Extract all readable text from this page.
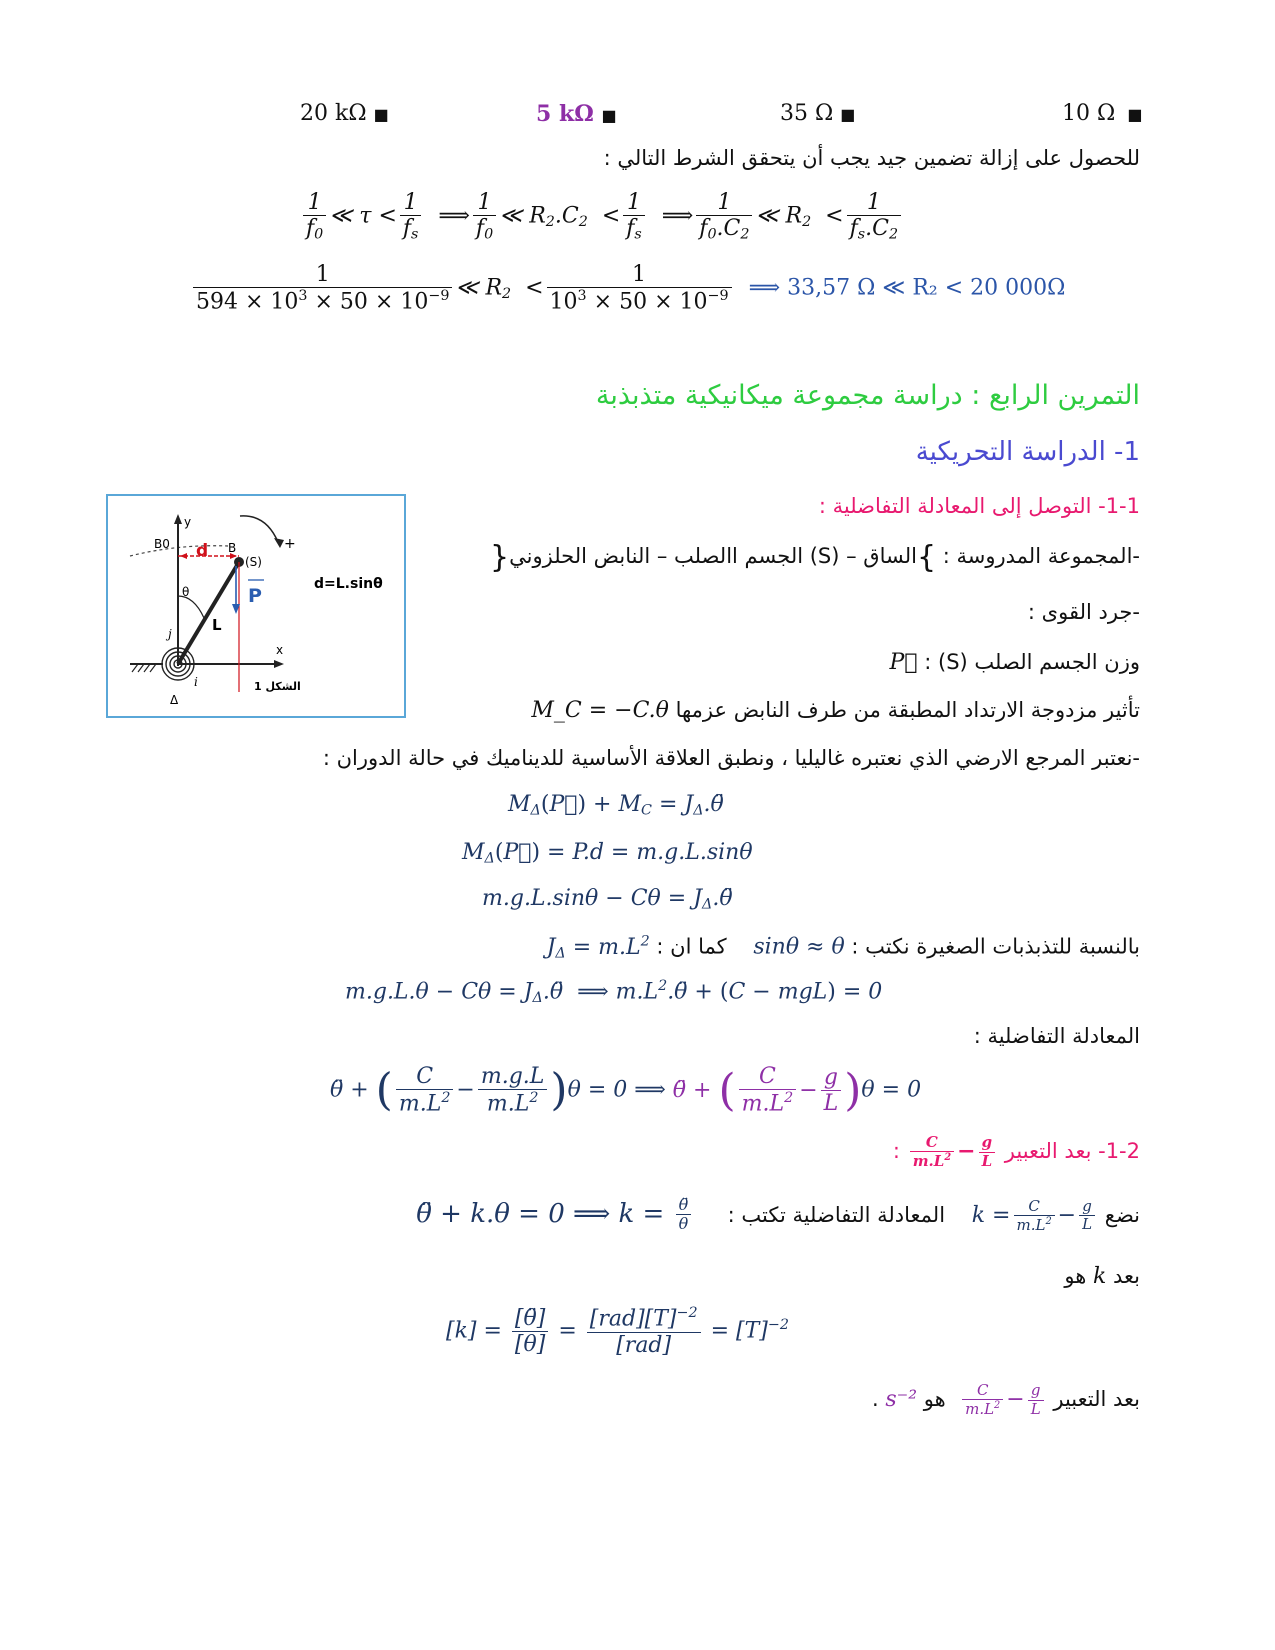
20 kΩ ■	5 kΩ ■	35 Ω ■	10 Ω  ■
للحصول على إزالة تضمين جيد يجب أن يتحقق الشرط التالي :
$\frac{1}{f_0}$ ≪ $\tau < \frac{1}{f_s}$ ⟹ $\frac{1}{f_0}$ ≪ $R_2.C_2 < \frac{1}{f_s}$ ⟹ $\frac{1}{f_0.C_2}$ ≪ $R_2 < \frac{1}{f_s.C_2}$
$\frac{1}{594 \times 10^3 \times 50 \times 10^{-9}}$ ≪ $R_2 < \frac{1}{10^3 \times 50 \times 10^{-9}}$ ⟹ 33,57 Ω ≪ R₂ < 20 000Ω
التمرين الرابع : دراسة مجموعة ميكانيكية متذبذبة
1- الدراسة التحريكية
1-1- التوصل إلى المعادلة التفاضلية :
-المجموعة المدروسة : }الساق – (S) الجسم االصلب – النابض الحلزوني{
-جرد القوى :
وزن الجسم الصلب (S) : P⃗
تأثير مزدوجة الارتداد المطبقة من طرف النابض عزمها M_C = −C.θ
-نعتبر المرجع الارضي الذي نعتبره غاليليا ، ونطبق العلاقة الأساسية للديناميك في حالة الدوران :
$M_\Delta(P⃗) + M_C$ = $J_\Delta.\thetä$
$M_\Delta(P⃗) = P.d = m.g.L.\sin\theta$
$m.g.L.\sin\theta - C\theta = J_\Delta.\thetä$
بالنسبة للتذبذبات الصغيرة نكتب : sinθ ≈ θ    كما ان : $J_\Delta = m.L^2$
$m.g.L.\theta - C\theta = J_\Delta.\thetä$  ⟹ $m.L^2.\thetä + (C - mgL) = 0$
المعادلة التفاضلية :
θ̈ + ( $\frac{C}{m.L^2} - \frac{m.g.L}{m.L^2} )\theta = 0$ ⟹ θ̈ + ( $\frac{C}{m.L^2} - \frac{g}{L} )\theta = 0$
1-2- بعد التعبير
$\frac{C}{m.L^2} - \frac{g}{L}$
:
نضع $k = \frac{C}{m.L^2} - \frac{g}{L}$
المعادلة التفاضلية تكتب :     θ̈ + k.θ = 0 ⟹ $k = \frac{\thetä}{\theta}$
بعد k هو
$[k] = \frac{[\thetä]}{[\theta]} = \frac{[rad][T]^{-2}}{\text{[rad]}} = [T]^{-2}$
بعد التعبير
$\frac{C}{m.L^2} - \frac{g}{L}$
هو s⁻² .
y
x
d
B0	B
(S)
P
θ
L
+
j
i
Δ
الشكل 1
d=L.sinθ
